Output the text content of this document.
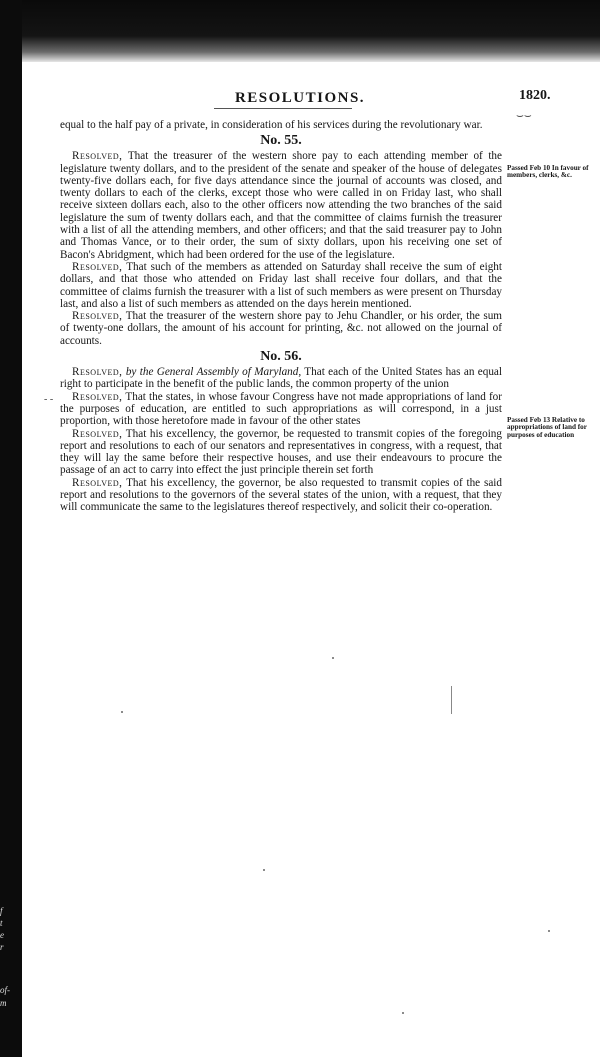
f
t
e
r
of-
m
RESOLUTIONS.	1820.
⌣⌣

equal to the half pay of a private, in consideration of his services during the revolutionary war.

No. 55.

Resolved, That the treasurer of the western shore pay to each attending member of the legislature twenty dollars, and to the president of the senate and speaker of the house of delegates twenty-five dollars each, for five days attendance since the journal of accounts was closed, and twenty dollars to each of the clerks, except those who were called in on Friday last, who shall receive sixteen dollars each, also to the other officers now attending the two branches of the said legislature the sum of twenty dollars each, and that the committee of claims furnish the treasurer with a list of all the attending members, and other officers; and that the said treasurer pay to John and Thomas Vance, or to their order, the sum of sixty dollars, upon his receiving one set of Bacon's Abridgment, which had been ordered for the use of the legislature.

Resolved, That such of the members as attended on Saturday shall receive the sum of eight dollars, and that those who attended on Friday last shall receive four dollars, and that the committee of claims furnish the treasurer with a list of such members as were present on Thursday last, and also a list of such members as attended on the days herein mentioned.

Resolved, That the treasurer of the western shore pay to Jehu Chandler, or his order, the sum of twenty-one dollars, the amount of his account for printing, &c. not allowed on the journal of accounts.

No. 56.

Resolved, by the General Assembly of Maryland, That each of the United States has an equal right to participate in the benefit of the public lands, the common property of the union

Resolved, That the states, in whose favour Congress have not made appropriations of land for the purposes of education, are entitled to such appropriations as will correspond, in a just proportion, with those heretofore made in favour of the other states

Resolved, That his excellency, the governor, be requested to transmit copies of the foregoing report and resolutions to each of our senators and representatives in congress, with a request, that they will lay the same before their respective houses, and use their endeavours to procure the passage of an act to carry into effect the just principle therein set forth

Resolved, That his excellency, the governor, be also requested to transmit copies of the said report and resolutions to the governors of the several states of the union, with a request, that they will communicate the same to the legislatures thereof respectively, and solicit their co-operation.

Passed Feb 10 In favour of members, clerks, &c.
Passed Feb 13 Relative to appropriations of land for purposes of education
- -
